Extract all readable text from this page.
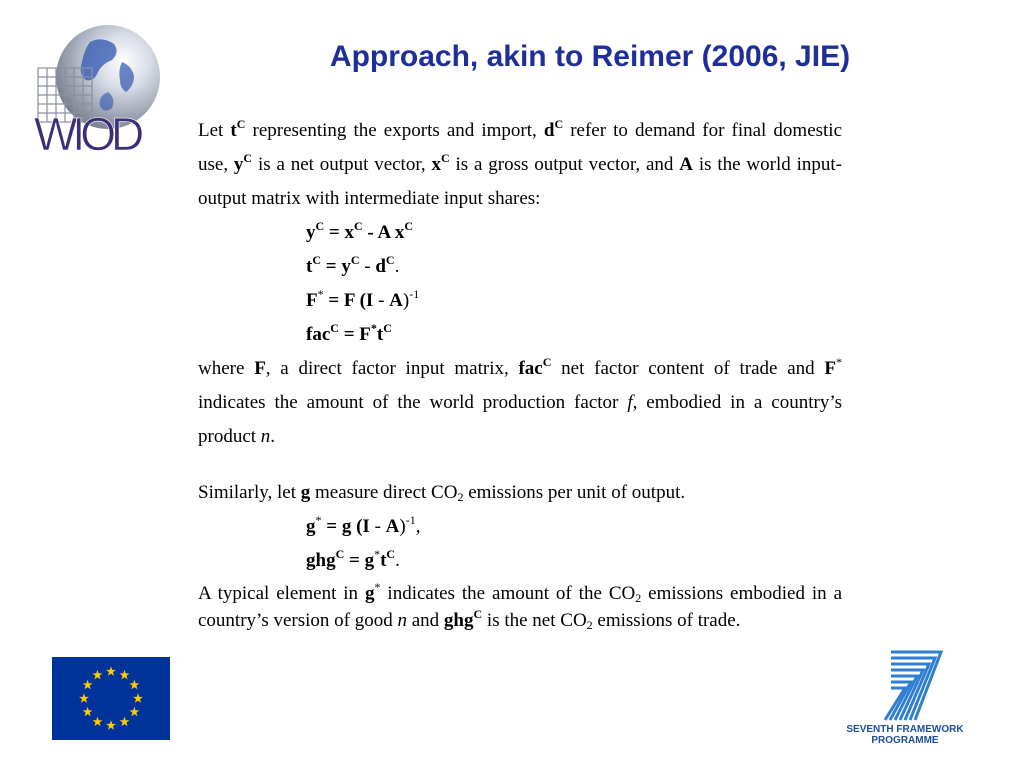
WIOD
Approach, akin to Reimer (2006, JIE)

Let $t^C$ representing the exports and import, $d^C$ refer to demand for final domestic use, $y^C$ is a net output vector, $x^C$ is a gross output vector, and A is the world input-output matrix with intermediate input shares:

$y^C = x^C - A$ $x^C$

$t^C = y^C - d^C$.

F* = F (I - A)$^{-1}$

$fac^C = F^*t^C$

where F, a direct factor input matrix, fac$^C$ net factor content of trade and F* indicates the amount of the world production factor f, embodied in a country’s product n.

Similarly, let g measure direct $CO_2$ emissions per unit of output.

g* = g (I - A)$^{-1}$,

$ghg^C = g^*t^C$.

A typical element in g* indicates the amount of the $CO_2$ emissions embodied in a country’s version of good n and ghg$^C$ is the net $CO_2$ emissions of trade.

SEVENTH FRAMEWORK
PROGRAMME
